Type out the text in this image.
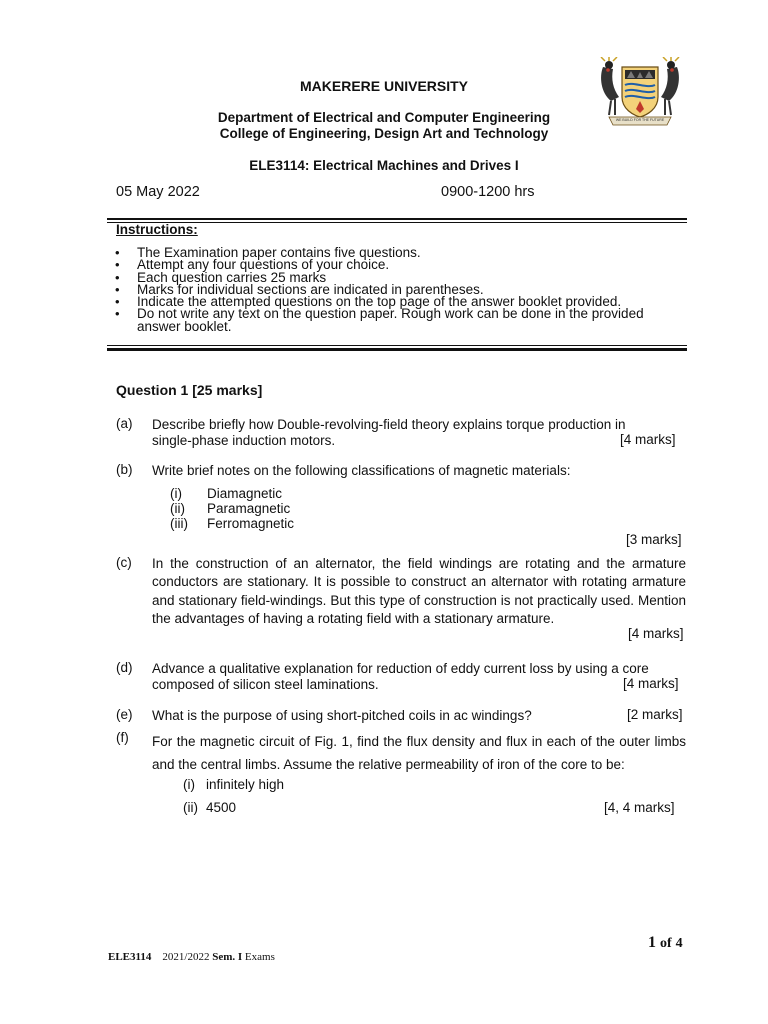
MAKERERE UNIVERSITY
Department of Electrical and Computer Engineering
College of Engineering, Design Art and Technology
ELE3114: Electrical Machines and Drives I
05 May 2022	0900-1200 hrs
WE BUILD FOR THE FUTURE
Instructions:
• The Examination paper contains five questions.
• Attempt any four questions of your choice.
• Each question carries 25 marks
• Marks for individual sections are indicated in parentheses.
• Indicate the attempted questions on the top page of the answer booklet provided.
• Do not write any text on the question paper. Rough work can be done in the provided answer booklet.
Question 1 [25 marks]
(a) Describe briefly how Double-revolving-field theory explains torque production in
single-phase induction motors.	[4 marks]
(b) Write brief notes on the following classifications of magnetic materials:
(i) Diamagnetic
(ii) Paramagnetic
(iii) Ferromagnetic
[3 marks]
(c) In the construction of an alternator, the field windings are rotating and the armature conductors are stationary. It is possible to construct an alternator with rotating armature and stationary field-windings. But this type of construction is not practically used. Mention the advantages of having a rotating field with a stationary armature.
[4 marks]
(d) Advance a qualitative explanation for reduction of eddy current loss by using a core
composed of silicon steel laminations.	[4 marks]
(e) What is the purpose of using short-pitched coils in ac windings?	[2 marks]
(f) For the magnetic circuit of Fig. 1, find the flux density and flux in each of the outer limbs and the central limbs. Assume the relative permeability of iron of the core to be:
(i) infinitely high
(ii) 4500	[4, 4 marks]
1 of 4
ELE3114 2021/2022 Sem. I Exams
